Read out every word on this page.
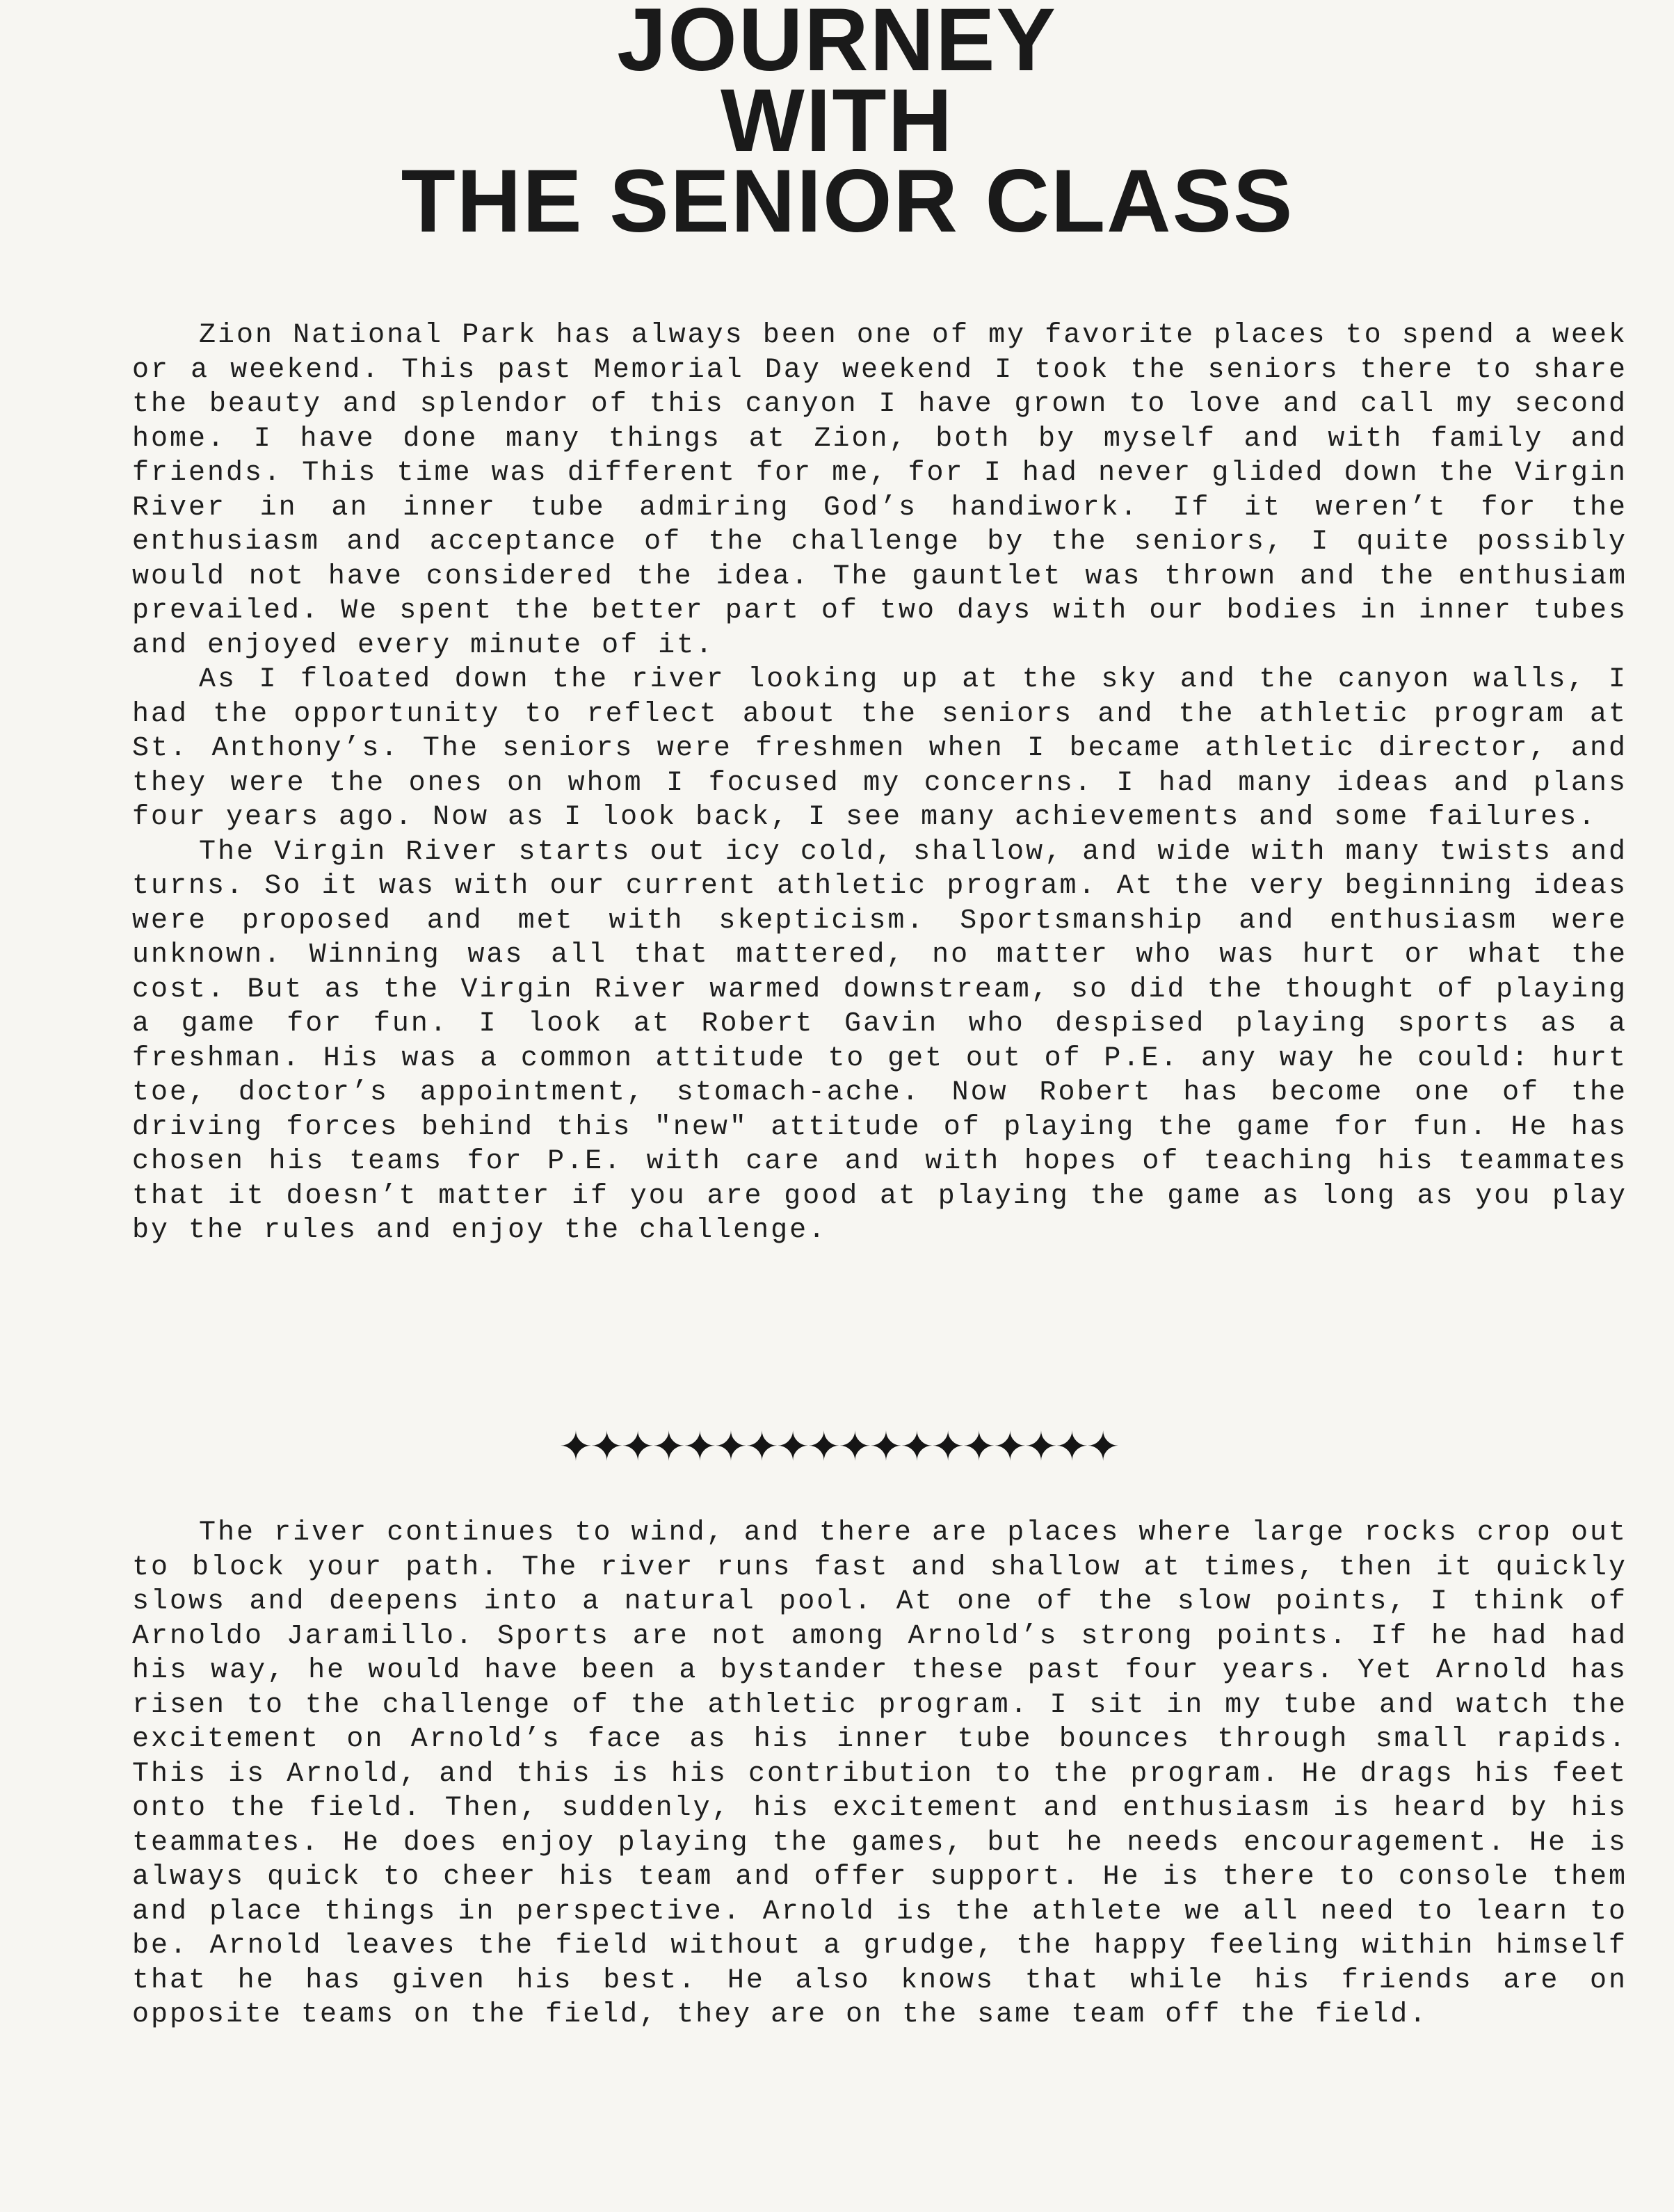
JOURNEY
WITH
THE SENIOR CLASS

Zion National Park has always been one of my favorite places to spend a week or a weekend. This past Memorial Day weekend I took the seniors there to share the beauty and splendor of this canyon I have grown to love and call my second home. I have done many things at Zion, both by myself and with family and friends. This time was different for me, for I had never glided down the Virgin River in an inner tube admiring God’s handiwork. If it weren’t for the enthusiasm and acceptance of the challenge by the seniors, I quite possibly would not have considered the idea. The gauntlet was thrown and the enthusiam prevailed. We spent the better part of two days with our bodies in inner tubes and enjoyed every minute of it.

As I floated down the river looking up at the sky and the canyon walls, I had the opportunity to reflect about the seniors and the athletic program at St. Anthony’s. The seniors were freshmen when I became athletic director, and they were the ones on whom I focused my concerns. I had many ideas and plans four years ago. Now as I look back, I see many achievements and some failures.

The Virgin River starts out icy cold, shallow, and wide with many twists and turns. So it was with our current athletic program. At the very beginning ideas were proposed and met with skepticism. Sportsmanship and enthusiasm were unknown. Winning was all that mattered, no matter who was hurt or what the cost. But as the Virgin River warmed downstream, so did the thought of playing a game for fun. I look at Robert Gavin who despised playing sports as a freshman. His was a common attitude to get out of P.E. any way he could: hurt toe, doctor’s appointment, stomach-ache. Now Robert has become one of the driving forces behind this "new" attitude of playing the game for fun. He has chosen his teams for P.E. with care and with hopes of teaching his teammates that it doesn’t matter if you are good at playing the game as long as you play by the rules and enjoy the challenge.

✦✦✦✦✦✦✦✦✦✦✦✦✦✦✦✦✦✦

The river continues to wind, and there are places where large rocks crop out to block your path. The river runs fast and shallow at times, then it quickly slows and deepens into a natural pool. At one of the slow points, I think of Arnoldo Jaramillo. Sports are not among Arnold’s strong points. If he had had his way, he would have been a bystander these past four years. Yet Arnold has risen to the challenge of the athletic program. I sit in my tube and watch the excitement on Arnold’s face as his inner tube bounces through small rapids. This is Arnold, and this is his contribution to the program. He drags his feet onto the field. Then, suddenly, his excitement and enthusiasm is heard by his teammates. He does enjoy playing the games, but he needs encouragement. He is always quick to cheer his team and offer support. He is there to console them and place things in perspective. Arnold is the athlete we all need to learn to be. Arnold leaves the field without a grudge, the happy feeling within himself that he has given his best. He also knows that while his friends are on opposite teams on the field, they are on the same team off the field.
